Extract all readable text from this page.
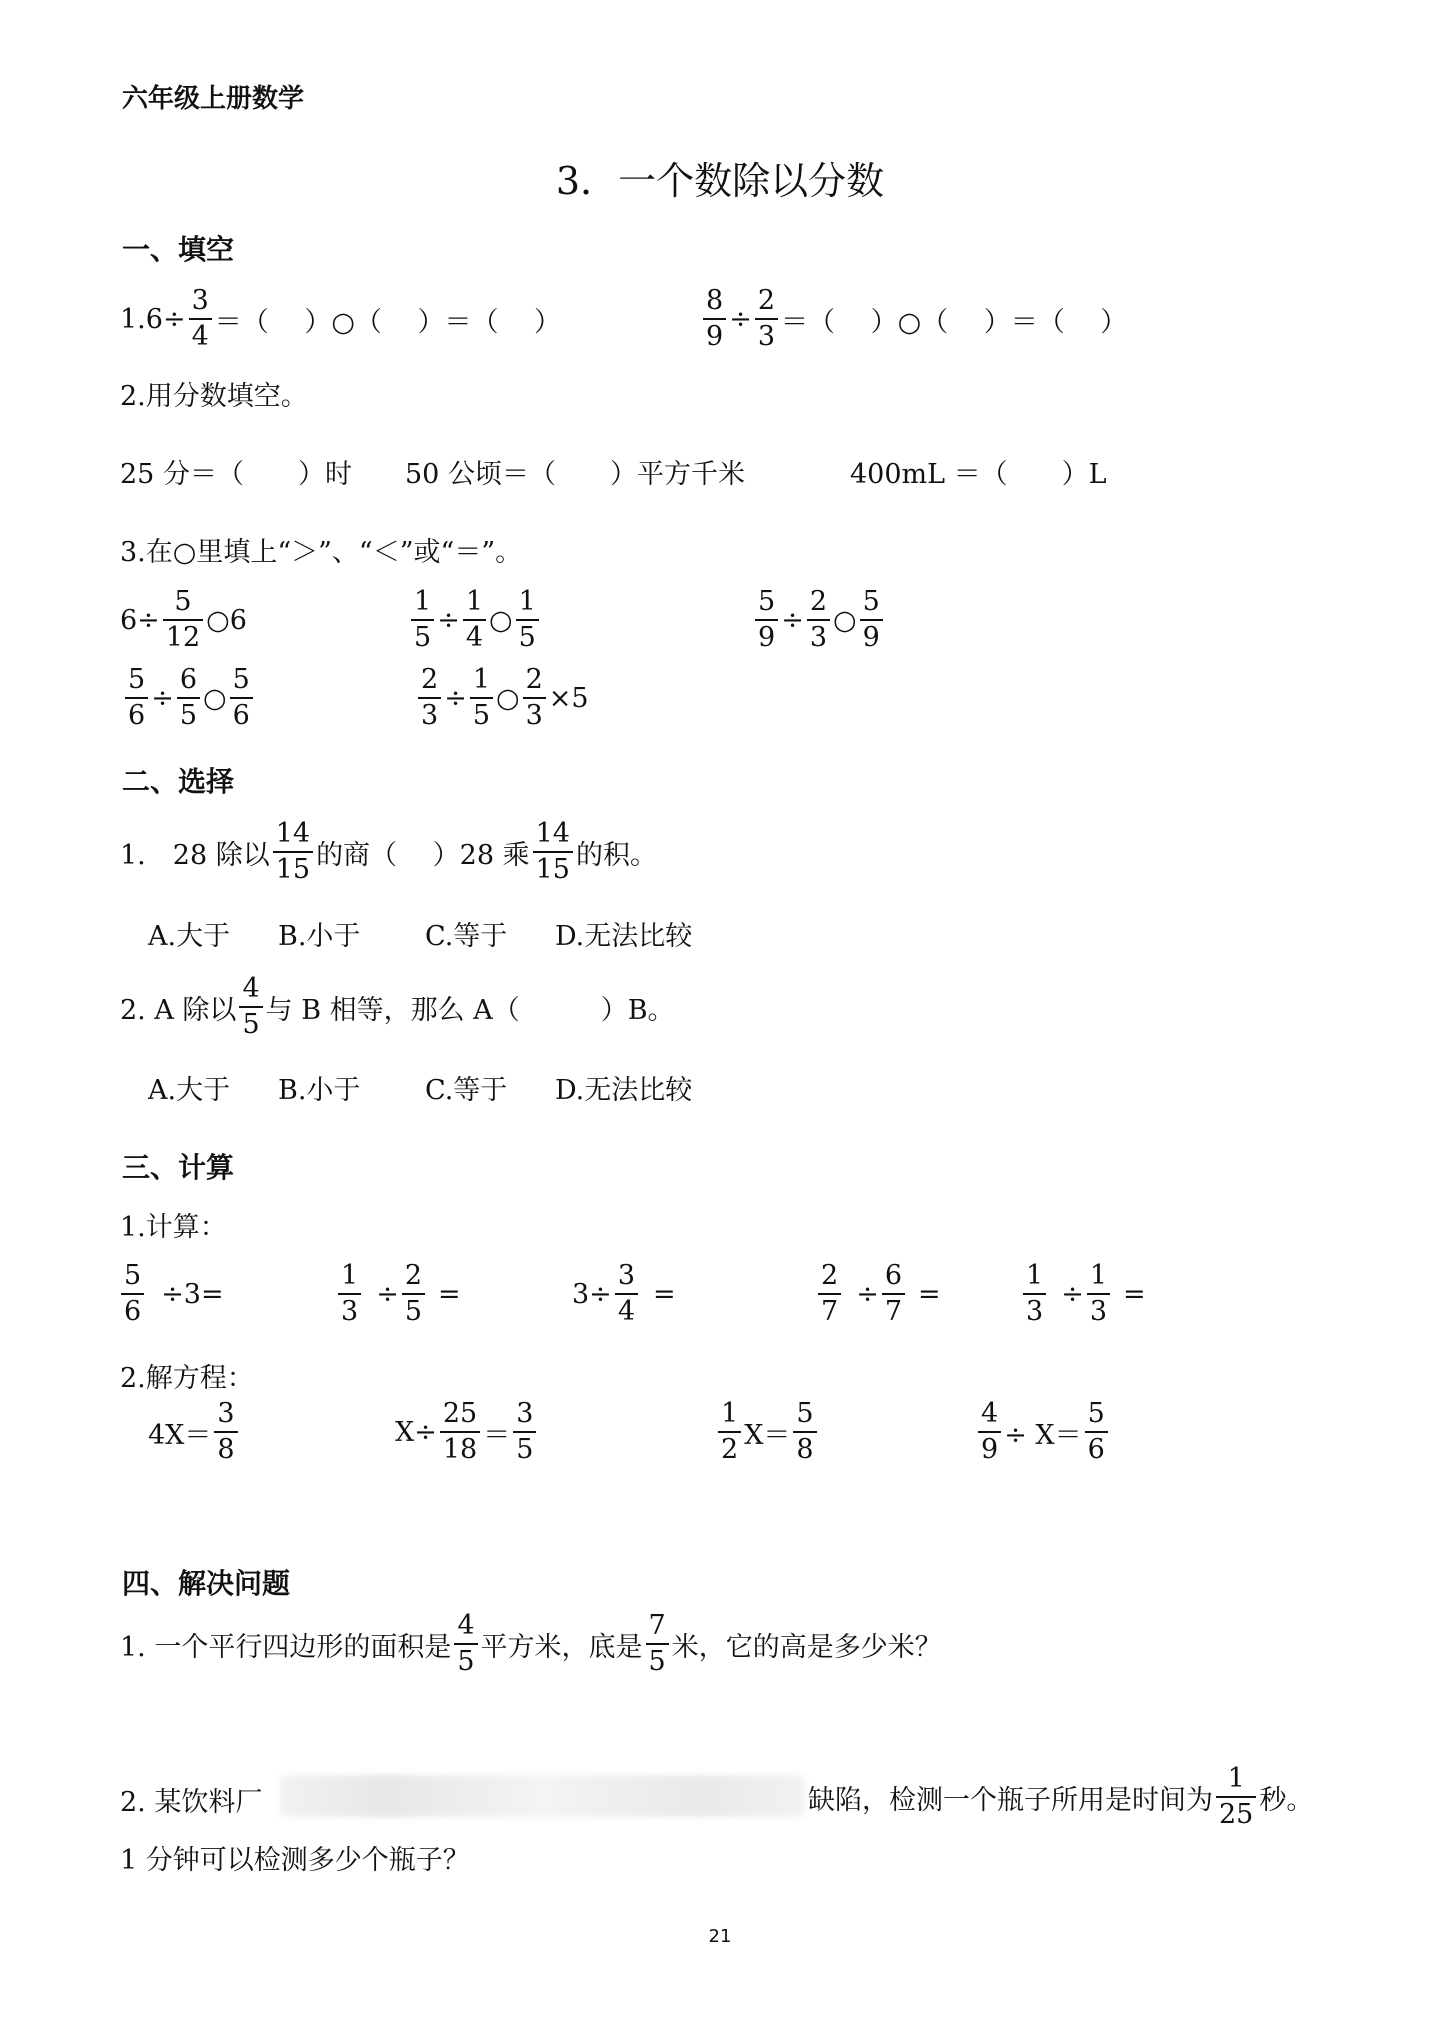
六年级上册数学
3．一个数除以分数
一、填空
$1.6\div \frac{3}{4}$ ＝（　 ）○（　 ）＝（　 ）	$\frac{8}{9} \div \frac{2}{3}$ ＝（　 ）○（　 ）＝（　 ）
2.用分数填空。
25 分＝（　　）时 50 公顷＝（　　）平方千米	400mL ＝（　　）L
3.在○里填上“＞”、“＜”或“＝”。
$6\div \frac{5}{12}$ ○6	$\frac{1}{5} \div \frac{1}{4}$ ○ $\frac{1}{5}$	$\frac{5}{9} \div \frac{2}{3}$ ○ $\frac{5}{9}$
$\frac{5}{6} \div \frac{6}{5}$ ○ $\frac{5}{6}$	$\frac{2}{3} \div \frac{1}{5}$ ○ $\frac{2}{3} \times 5$
二、选择
1.　28 除以 $\frac{14}{15}$ 的商（　 ）28 乘 $\frac{14}{15}$ 的积。
A.大于 B.小于 C.等于 D.无法比较
2. A 除以 $\frac{4}{5}$ 与 B 相等，那么 A（　　　）B。
A.大于 B.小于 C.等于 D.无法比较
三、计算
1.计算：
$\frac{5}{6} \div 3=$	$\frac{1}{3} \div \frac{2}{5}$ =	$3\div \frac{3}{4}$ =	$\frac{2}{7} \div \frac{6}{7}$ =	$\frac{1}{3} \div \frac{1}{3}$ =
2.解方程：
$4X= \frac{3}{8}$	$X\div \frac{25}{18} = \frac{3}{5}$	$\frac{1}{2} X= \frac{5}{8}$	$\frac{4}{9} \div X= \frac{5}{6}$
四、解决问题
1. 一个平行四边形的面积是 $\frac{4}{5}$ 平方米，底是 $\frac{7}{5}$ 米，它的高是多少米？
2. 某饮料厂	缺陷，检测一个瓶子所用是时间为 $\frac{1}{25}$ 秒。
1 分钟可以检测多少个瓶子？
21
